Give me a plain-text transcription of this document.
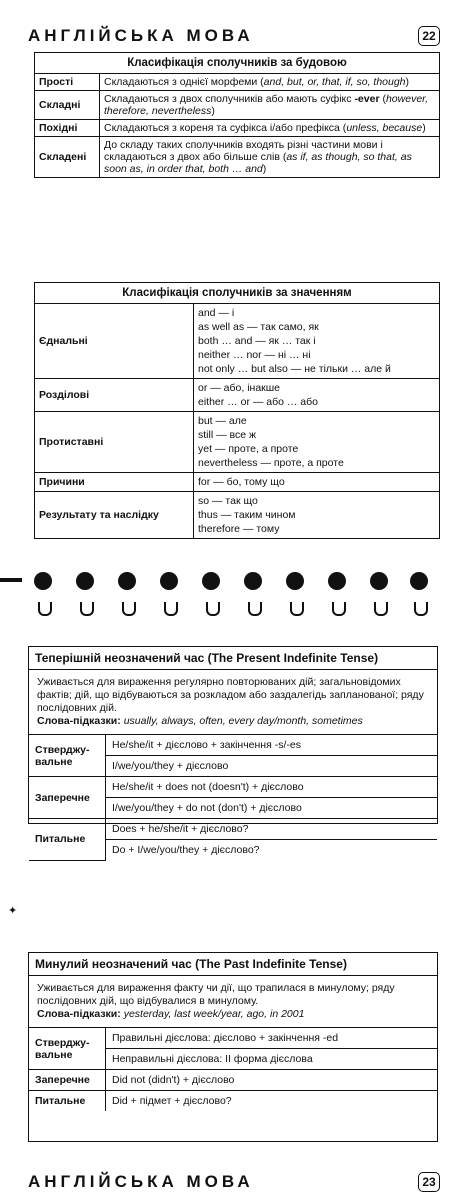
АНГЛІЙСЬКА МОВА	22
Класифікація сполучників за будовою	
Прості	Складаються з однієї морфеми (and, but, or, that, if, so, though)
Складні	Складаються з двох сполучників або мають суфікс -ever (however, therefore, nevertheless)
Похідні	Складаються з кореня та суфікса і/або префікса (unless, because)
Складені	До складу таких сполучників входять різні частини мови і складаються з двох або більше слів (as if, as though, so that, as soon as, in order that, both … and)
Класифікація сполучників за значенням	
Єднальні	and — і
as well as — так само, як
both … and — як … так і
neither … nor — ні … ні
not only … but also — не тільки … але й

Розділові	or — або, інакше
either … or — або … або

Протиставні	but — але
still — все ж
yet — проте, а проте
nevertheless — проте, а проте

Причини	for — бо, тому що

Результату та наслідку	so — так що
thus — таким чином
therefore — тому
Теперішній неозначений час (The Present Indefinite Tense)
Уживається для вираження регулярно повторюваних дій; загальновідомих фактів; дій, що відбуваються за розкладом або заздалегідь запланованої; ряду послідовних дій.
Слова-підказки: usually, always, often, every day/month, sometimes
Стверджу-вальне	He/she/it + дієслово + закінчення -s/-es
	I/we/you/they + дієслово
Заперечне	He/she/it + does not (doesn't) + дієслово
	I/we/you/they + do not (don't) + дієслово
Питальне	Does + he/she/it + дієслово?
	Do + I/we/you/they + дієслово?
✦
Минулий неозначений час (The Past Indefinite Tense)
Уживається для вираження факту чи дії, що трапилася в минулому; ряду послідовних дій, що відбувалися в минулому.
Слова-підказки: yesterday, last week/year, ago, in 2001
Стверджу-вальне	Правильні дієслова: дієслово + закінчення -ed
	Неправильні дієслова: II форма дієслова
Заперечне	Did not (didn't) + дієслово
Питальне	Did + підмет + дієслово?
АНГЛІЙСЬКА МОВА	23
